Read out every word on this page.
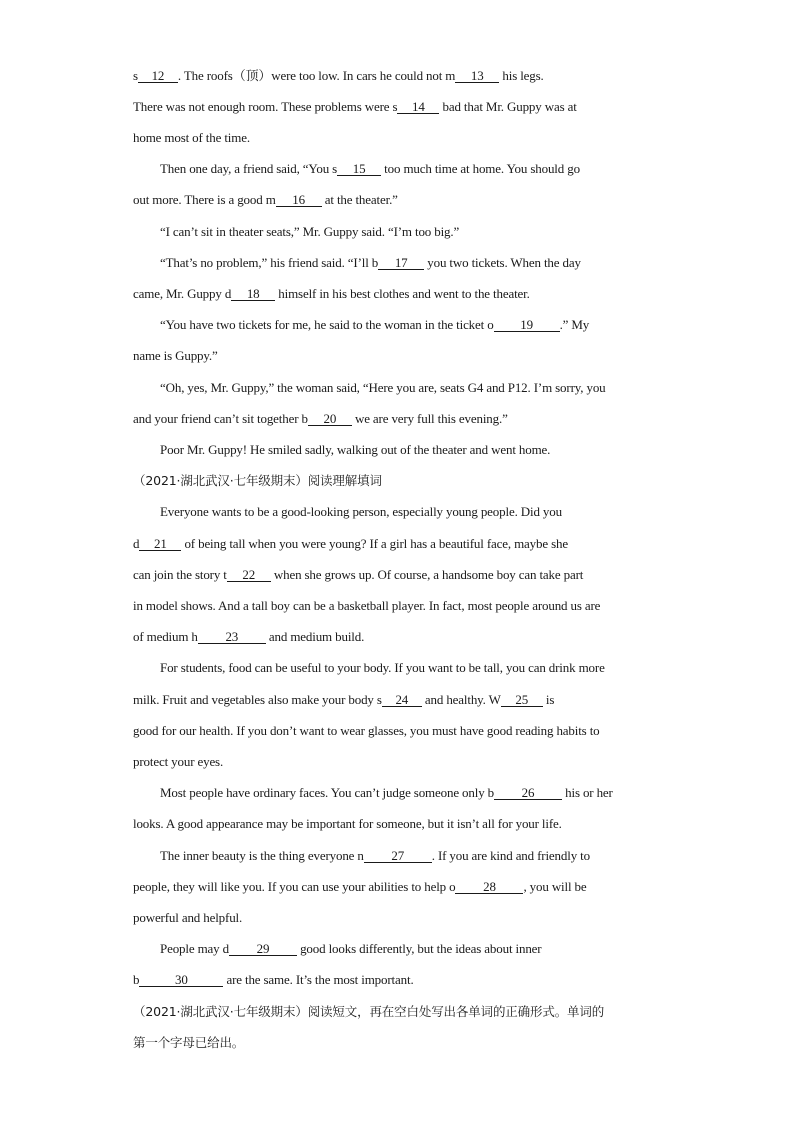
s 12 . The roofs（顶）were too low. In cars he could not m 13 his legs.
There was not enough room. These problems were s 14 bad that Mr. Guppy was at
home most of the time.
Then one day, a friend said, “You s 15 too much time at home. You should go
out more. There is a good m 16 at the theater.”
“I can’t sit in theater seats,” Mr. Guppy said. “I’m too big.”
“That’s no problem,” his friend said. “I’ll b 17 you two tickets. When the day
came, Mr. Guppy d 18 himself in his best clothes and went to the theater.
“You have two tickets for me, he said to the woman in the ticket o 19 .” My
name is Guppy.”
“Oh, yes, Mr. Guppy,” the woman said, “Here you are, seats G4 and P12. I’m sorry, you
and your friend can’t sit together b 20 we are very full this evening.”
Poor Mr. Guppy! He smiled sadly, walking out of the theater and went home.
（2021·湖北武汉·七年级期末）阅读理解填词
Everyone wants to be a good-looking person, especially young people. Did you
d 21 of being tall when you were young? If a girl has a beautiful face, maybe she
can join the story t 22 when she grows up. Of course, a handsome boy can take part
in model shows. And a tall boy can be a basketball player. In fact, most people around us are
of medium h 23 and medium build.
For students, food can be useful to your body. If you want to be tall, you can drink more
milk. Fruit and vegetables also make your body s 24 and healthy. W 25 is
good for our health. If you don’t want to wear glasses, you must have good reading habits to
protect your eyes.
Most people have ordinary faces. You can’t judge someone only b 26 his or her
looks. A good appearance may be important for someone, but it isn’t all for your life.
The inner beauty is the thing everyone n 27 . If you are kind and friendly to
people, they will like you. If you can use your abilities to help o 28 , you will be
powerful and helpful.
People may d 29 good looks differently, but the ideas about inner
b	30	are the same. It’s the most important.
（2021·湖北武汉·七年级期末）阅读短文，再在空白处写出各单词的正确形式。单词的
第一个字母已给出。
